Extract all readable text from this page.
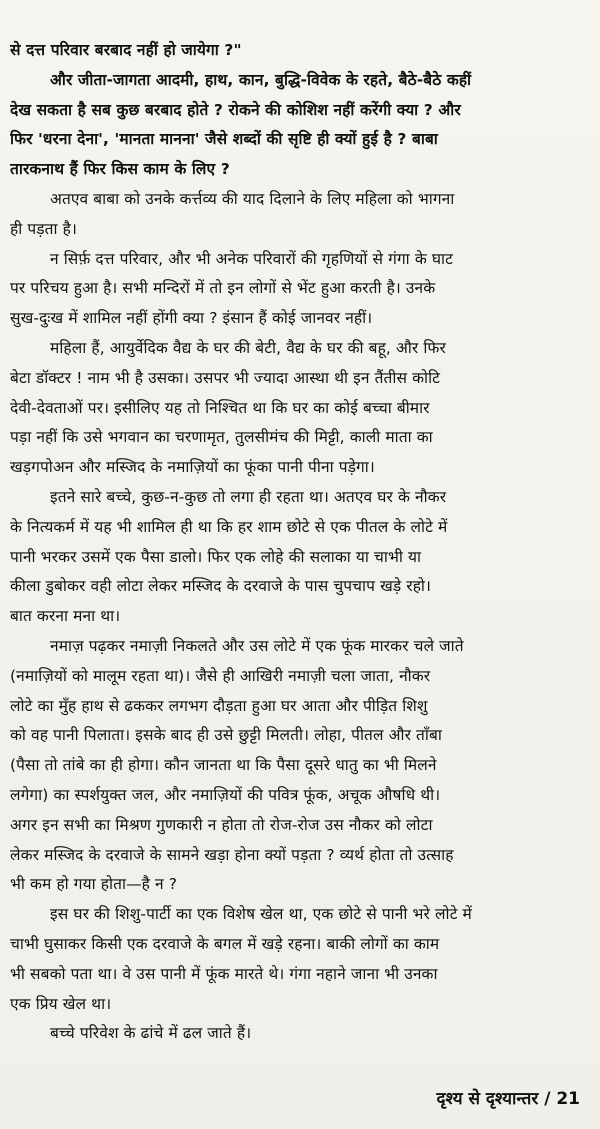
से दत्त परिवार बरबाद नहीं हो जायेगा ?"

और जीता-जागता आदमी, हाथ, कान, बुद्धि-विवेक के रहते, बैठे-बैठे कहीं
देख सकता है सब कुछ बरबाद होते ? रोकने की कोशिश नहीं करेंगी क्या ? और
फिर 'धरना देना', 'मानता मानना' जैसे शब्दों की सृष्टि ही क्यों हुई है ? बाबा
तारकनाथ हैं फिर किस काम के लिए ?

अतएव बाबा को उनके कर्त्तव्य की याद दिलाने के लिए महिला को भागना
ही पड़ता है।

न सिर्फ़ दत्त परिवार, और भी अनेक परिवारों की गृहणियों से गंगा के घाट
पर परिचय हुआ है। सभी मन्दिरों में तो इन लोगों से भेंट हुआ करती है। उनके
सुख-दुःख में शामिल नहीं होंगी क्या ? इंसान हैं कोई जानवर नहीं।

महिला हैं, आयुर्वेदिक वैद्य के घर की बेटी, वैद्य के घर की बहू, और फिर
बेटा डॉक्टर ! नाम भी है उसका। उसपर भी ज्यादा आस्था थी इन तैंतीस कोटि
देवी-देवताओं पर। इसीलिए यह तो निश्चित था कि घर का कोई बच्चा बीमार
पड़ा नहीं कि उसे भगवान का चरणामृत, तुलसीमंच की मिट्टी, काली माता का
खड़गपोअन और मस्जिद के नमाज़ियों का फूंका पानी पीना पड़ेगा।

इतने सारे बच्चे, कुछ-न-कुछ तो लगा ही रहता था। अतएव घर के नौकर
के नित्यकर्म में यह भी शामिल ही था कि हर शाम छोटे से एक पीतल के लोटे में
पानी भरकर उसमें एक पैसा डालो। फिर एक लोहे की सलाका या चाभी या
कीला डुबोकर वही लोटा लेकर मस्जिद के दरवाजे के पास चुपचाप खड़े रहो।
बात करना मना था।

नमाज़ पढ़कर नमाज़ी निकलते और उस लोटे में एक फूंक मारकर चले जाते
(नमाज़ियों को मालूम रहता था)। जैसे ही आखिरी नमाज़ी चला जाता, नौकर
लोटे का मुँह हाथ से ढककर लगभग दौड़ता हुआ घर आता और पीड़ित शिशु
को वह पानी पिलाता। इसके बाद ही उसे छुट्टी मिलती। लोहा, पीतल और ताँबा
(पैसा तो तांबे का ही होगा। कौन जानता था कि पैसा दूसरे धातु का भी मिलने
लगेगा) का स्पर्शयुक्त जल, और नमाज़ियों की पवित्र फूंक, अचूक औषधि थी।
अगर इन सभी का मिश्रण गुणकारी न होता तो रोज-रोज उस नौकर को लोटा
लेकर मस्जिद के दरवाजे के सामने खड़ा होना क्यों पड़ता ? व्यर्थ होता तो उत्साह
भी कम हो गया होता—है न ?

इस घर की शिशु-पार्टी का एक विशेष खेल था, एक छोटे से पानी भरे लोटे में
चाभी घुसाकर किसी एक दरवाजे के बगल में खड़े रहना। बाकी लोगों का काम
भी सबको पता था। वे उस पानी में फूंक मारते थे। गंगा नहाने जाना भी उनका
एक प्रिय खेल था।

बच्चे परिवेश के ढांचे में ढल जाते हैं।

दृश्य से दृश्यान्तर / 21
